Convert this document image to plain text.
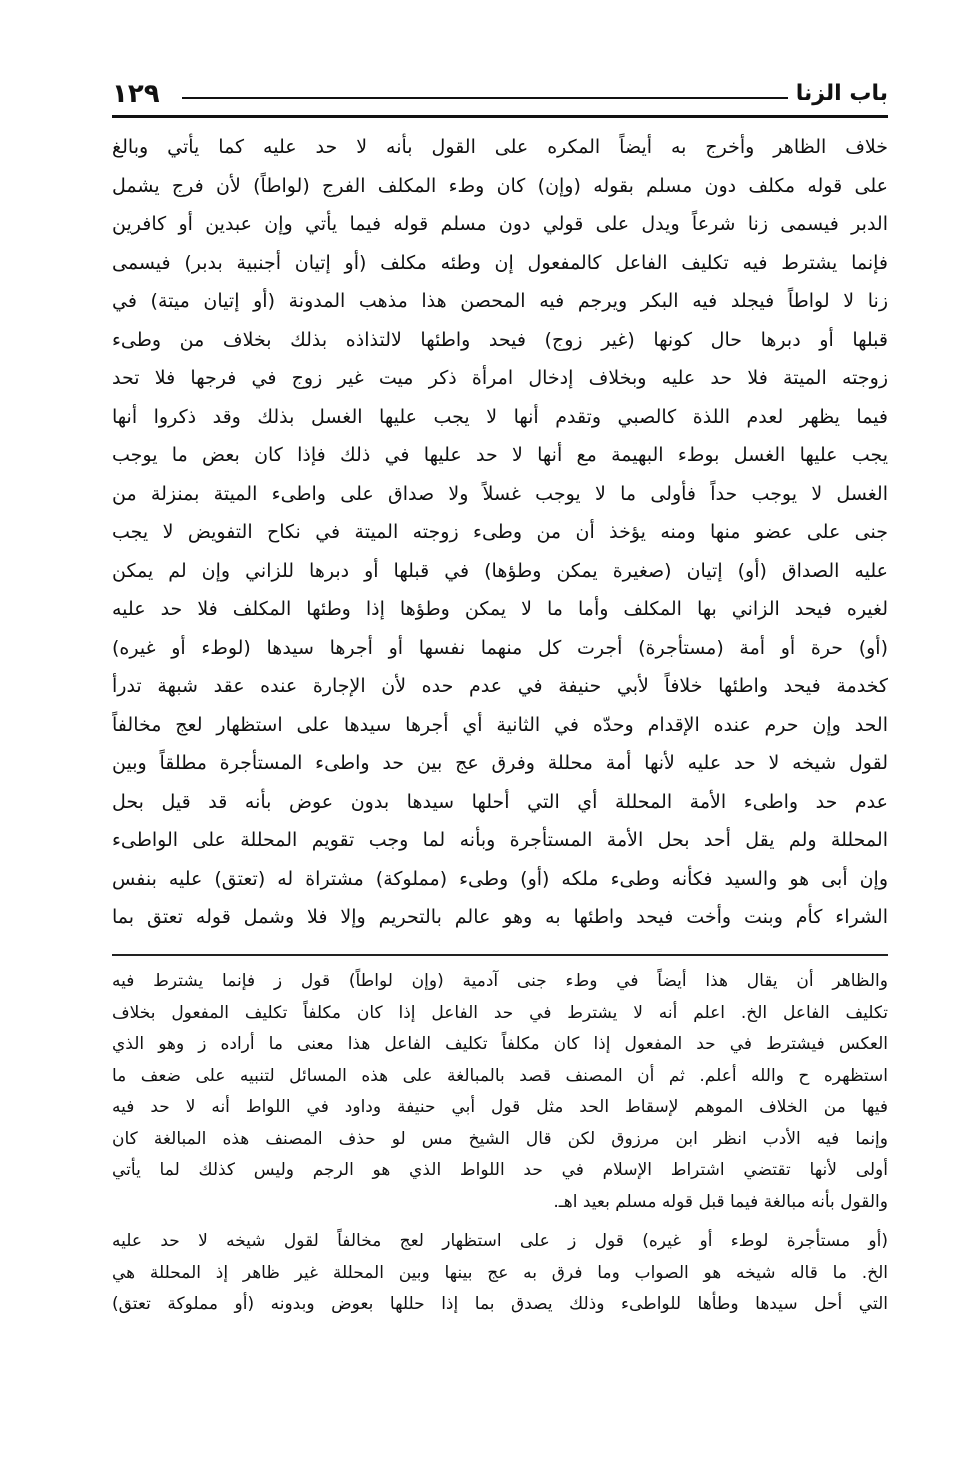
باب الزنا
١٢٩

خلاف الظاهر وأخرج به أيضاً المكره على القول بأنه لا حد عليه كما يأتي وبالغ
على قوله مكلف دون مسلم بقوله (وإن) كان وطء المكلف الفرج (لواطاً) لأن فرج يشمل
الدبر فيسمى زنا شرعاً ويدل على قولي دون مسلم قوله فيما يأتي وإن عبدين أو كافرين
فإنما يشترط فيه تكليف الفاعل كالمفعول إن وطئه مكلف (أو إتيان أجنبية بدبر) فيسمى
زنا لا لواطاً فيجلد فيه البكر ويرجم فيه المحصن هذا مذهب المدونة (أو إتيان ميتة) في
قبلها أو دبرها حال كونها (غير زوج) فيحد واطئها لالتذاذه بذلك بخلاف من وطىء
زوجته الميتة فلا حد عليه وبخلاف إدخال امرأة ذكر ميت غير زوج في فرجها فلا تحد
فيما يظهر لعدم اللذة كالصبي وتقدم أنها لا يجب عليها الغسل بذلك وقد ذكروا أنها
يجب عليها الغسل بوطء البهيمة مع أنها لا حد عليها في ذلك فإذا كان بعض ما يوجب
الغسل لا يوجب حداً فأولى ما لا يوجب غسلاً ولا صداق على واطىء الميتة بمنزلة من
جنى على عضو منها ومنه يؤخذ أن من وطىء زوجته الميتة في نكاح التفويض لا يجب
عليه الصداق (أو) إتيان (صغيرة يمكن وطؤها) في قبلها أو دبرها للزاني وإن لم يمكن
لغيره فيحد الزاني بها المكلف وأما ما لا يمكن وطؤها إذا وطئها المكلف فلا حد عليه
(أو) حرة أو أمة (مستأجرة) أجرت كل منهما نفسها أو أجرها سيدها (لوطء أو غيره)
كخدمة فيحد واطئها خلافاً لأبي حنيفة في عدم حده لأن الإجارة عنده عقد شبهة تدرأ
الحد وإن حرم عنده الإقدام وحدّه في الثانية أي أجرها سيدها على استظهار لعج مخالفاً
لقول شيخه لا حد عليه لأنها أمة محللة وفرق عج بين حد واطىء المستأجرة مطلقاً وبين
عدم حد واطىء الأمة المحللة أي التي أحلها سيدها بدون عوض بأنه قد قيل بحل
المحللة ولم يقل أحد بحل الأمة المستأجرة وبأنه لما وجب تقويم المحللة على الواطىء
وإن أبى هو والسيد فكأنه وطىء ملكه (أو) وطىء (مملوكة) مشتراة له (تعتق) عليه بنفس
الشراء كأم وبنت وأخت فيحد واطئها به وهو عالم بالتحريم وإلا فلا وشمل قوله تعتق بما

والظاهر أن يقال هذا أيضاً في وطء جنى آدمية (وإن لواطاً) قول ز فإنما يشترط فيه
تكليف الفاعل الخ. اعلم أنه لا يشترط في حد الفاعل إذا كان مكلفاً تكليف المفعول بخلاف
العكس فيشترط في حد المفعول إذا كان مكلفاً تكليف الفاعل هذا معنى ما أراده ز وهو الذي
استظهره ح والله أعلم. ثم أن المصنف قصد بالمبالغة على هذه المسائل لتنبيه على ضعف ما
فيها من الخلاف الموهم لإسقاط الحد مثل قول أبي حنيفة وداود في اللواط أنه لا حد فيه
وإنما فيه الأدب انظر ابن مرزوق لكن قال الشيخ مس لو حذف المصنف هذه المبالغة كان
أولى لأنها تقتضي اشتراط الإسلام في حد اللواط الذي هو الرجم وليس كذلك لما يأتي
والقول بأنه مبالغة فيما قبل قوله مسلم بعيد اهـ.

(أو مستأجرة لوطء أو غيره) قول ز على استظهار لعج مخالفاً لقول شيخه لا حد عليه
الخ. ما قاله شيخه هو الصواب وما فرق به عج بينها وبين المحللة غير ظاهر إذ المحللة هي
التي أحل سيدها وطأها للواطىء وذلك يصدق بما إذا حللها بعوض وبدونه (أو مملوكة تعتق)
